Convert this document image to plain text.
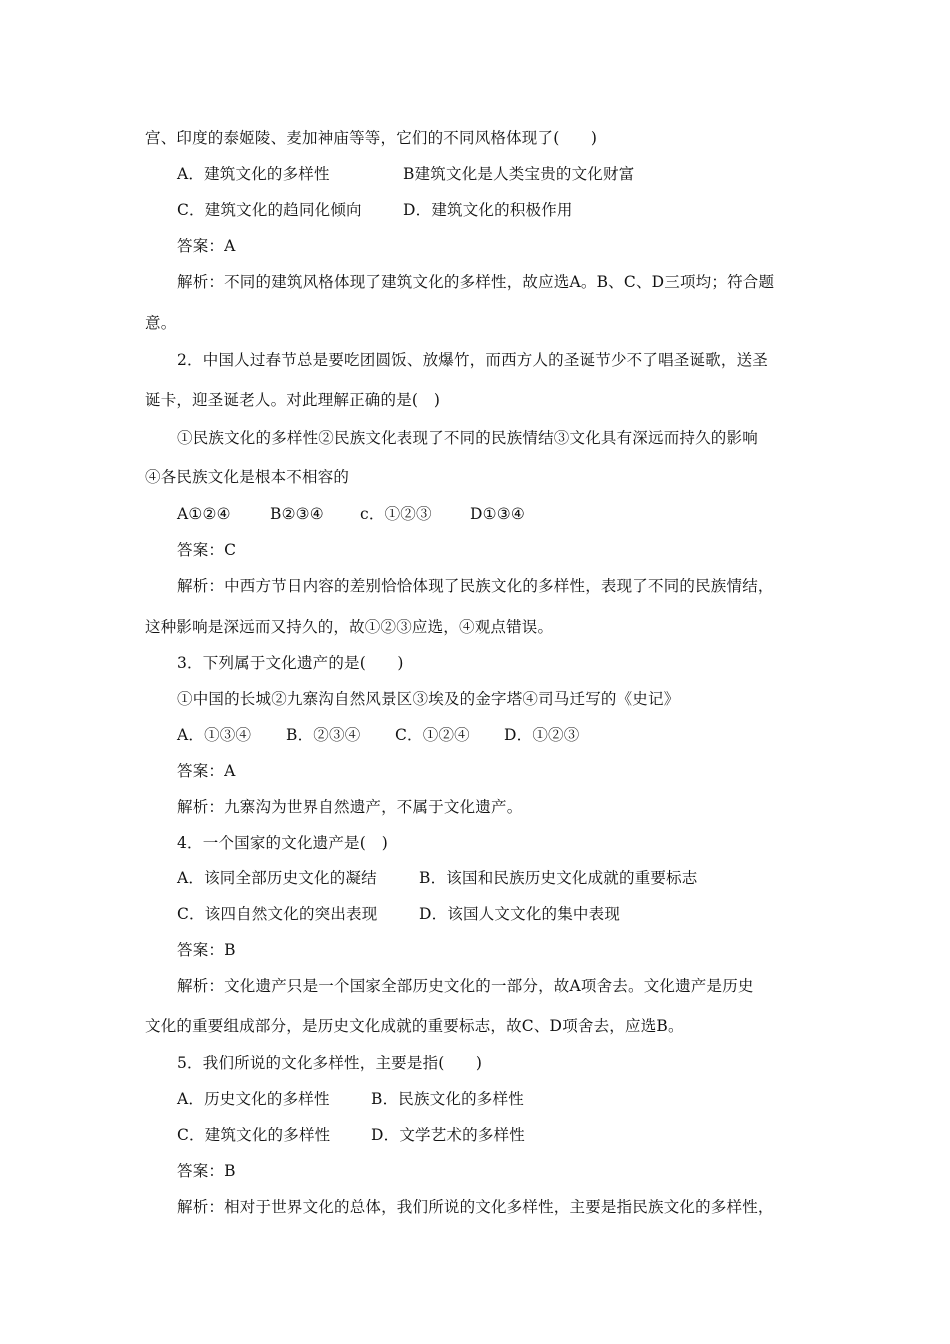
宫、印度的泰姬陵、麦加神庙等等，它们的不同风格体现了(　　)
A．建筑文化的多样性	B建筑文化是人类宝贵的文化财富
C．建筑文化的趋同化倾向	D．建筑文化的积极作用
答案：A
解析：不同的建筑风格体现了建筑文化的多样性，故应选A。B、C、D三项均；符合题
意。
2．中国人过春节总是要吃团圆饭、放爆竹，而西方人的圣诞节少不了唱圣诞歌，送圣
诞卡，迎圣诞老人。对此理解正确的是(　)
①民族文化的多样性②民族文化表现了不同的民族情结③文化具有深远而持久的影响
④各民族文化是根本不相容的
A①②④	B②③④ c．①②③ D①③④
答案：C
解析：中西方节日内容的差别恰恰体现了民族文化的多样性，表现了不同的民族情结，
这种影响是深远而又持久的，故①②③应选，④观点错误。
3．下列属于文化遗产的是(　　)
①中国的长城②九寨沟自然风景区③埃及的金字塔④司马迁写的《史记》
A．①③④ B．②③④ C．①②④ D．①②③
答案：A
解析：九寨沟为世界自然遗产，不属于文化遗产。
4．一个国家的文化遗产是(　)
A．该同全部历史文化的凝结	B．该国和民族历史文化成就的重要标志
C．该四自然文化的突出表现	D．该国人文文化的集中表现
答案：B
解析：文化遗产只是一个国家全部历史文化的一部分，故A项舍去。文化遗产是历史
文化的重要组成部分，是历史文化成就的重要标志，故C、D项舍去，应选B。
5．我们所说的文化多样性，主要是指(　　)
A．历史文化的多样性	B．民族文化的多样性
C．建筑文化的多样性	D．文学艺术的多样性
答案：B
解析：相对于世界文化的总体，我们所说的文化多样性，主要是指民族文化的多样性，
